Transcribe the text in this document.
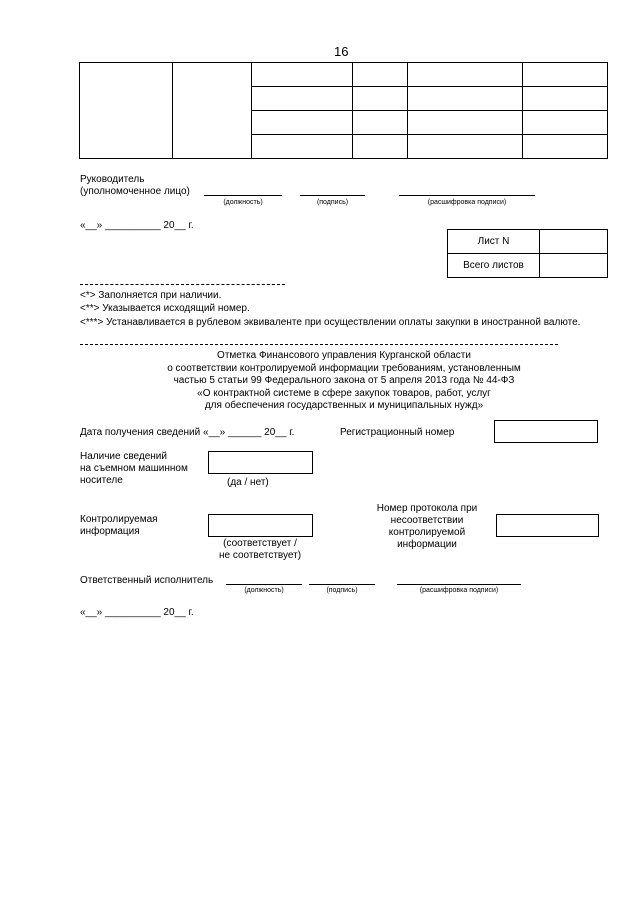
16

Руководитель
(уполномоченное лицо)
(должность)	(подпись)	(расшифровка подписи)
«__» __________ 20__ г.
Лист N	
Всего листов	
<*> Заполняется при наличии.
<**> Указывается исходящий номер.
<***> Устанавливается в рублевом эквиваленте при осуществлении оплаты закупки в иностранной валюте.
Отметка Финансового управления Курганской области
о соответствии контролируемой информации требованиям, установленным
частью 5 статьи 99 Федерального закона от 5 апреля 2013 года № 44-ФЗ
«О контрактной системе в сфере закупок товаров, работ, услуг
для обеспечения государственных и муниципальных нужд»
Дата получения сведений «__» ______ 20__ г.	Регистрационный номер
Наличие сведений
на съемном машинном
носителе	(да / нет)
Контролируемая
информация
(соответствует /
не соответствует)
Номер протокола при
несоответствии
контролируемой
информации
Ответственный исполнитель
(должность)	(подпись)	(расшифровка подписи)
«__» __________ 20__ г.
